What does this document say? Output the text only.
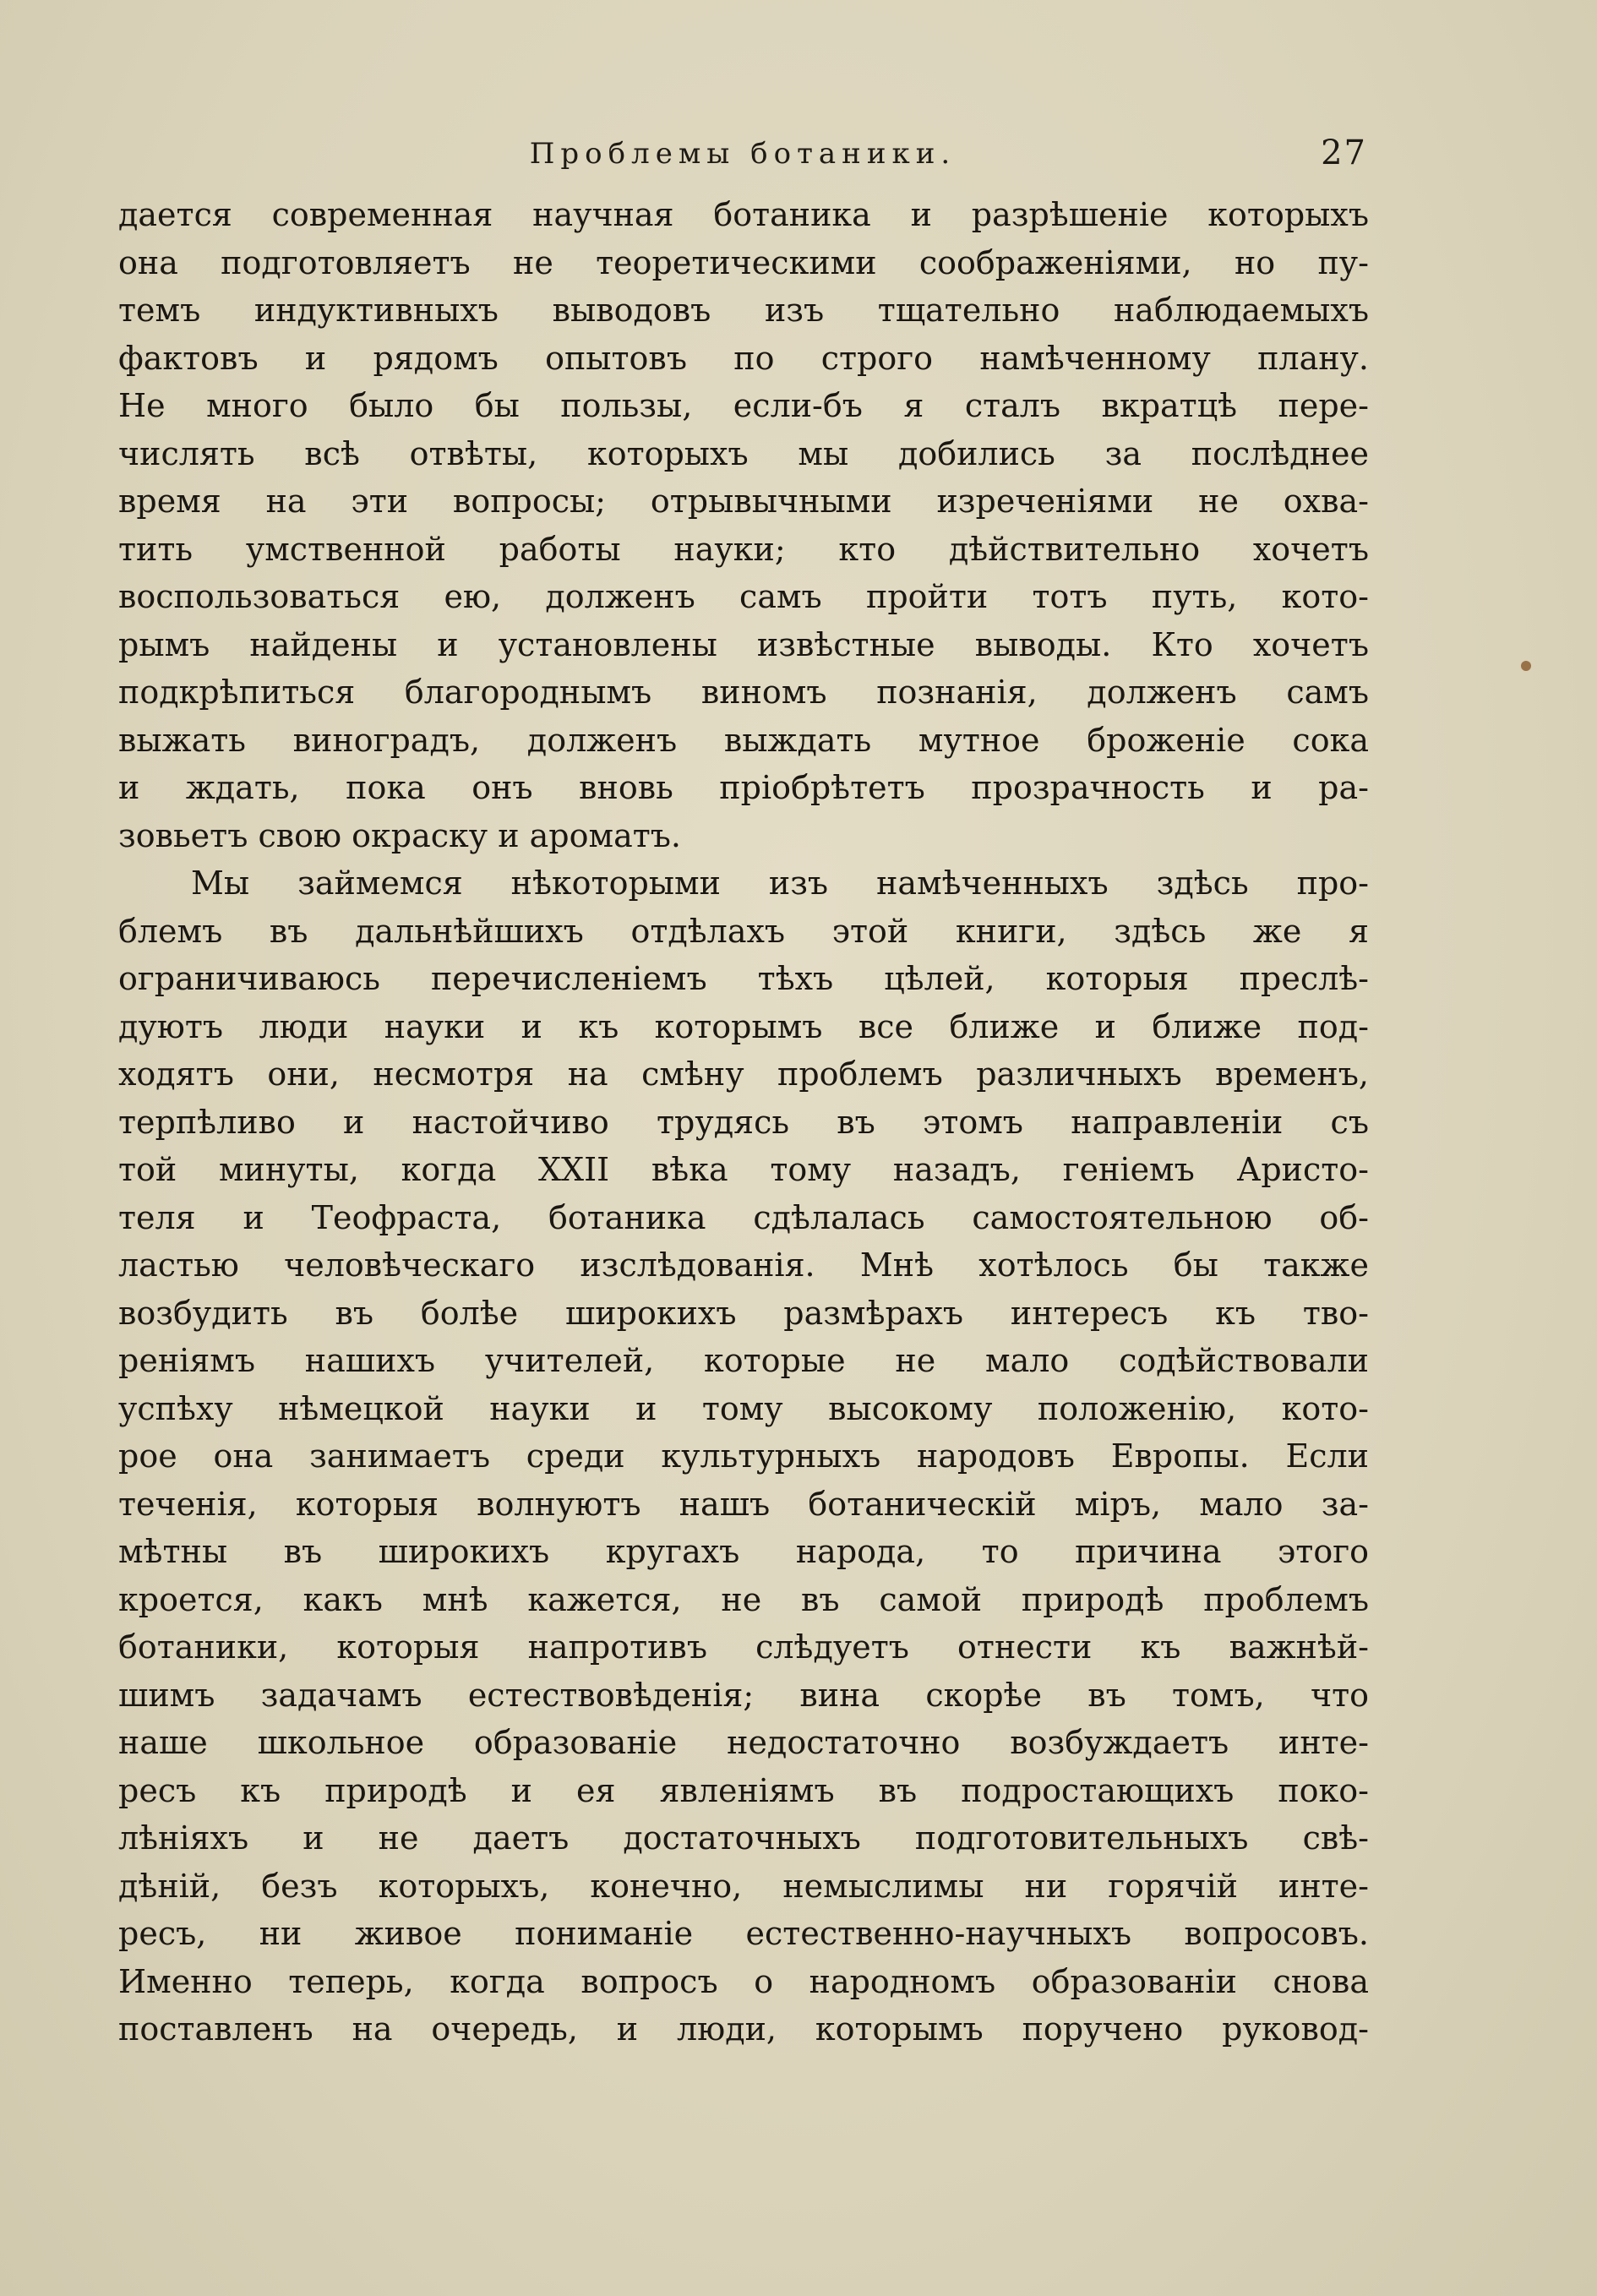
Проблемы ботаники.	27
дается современная научная ботаника и разрѣшеніе которыхъ
она подготовляетъ не теоретическими соображеніями, но пу-
темъ индуктивныхъ выводовъ изъ тщательно наблюдаемыхъ
фактовъ и рядомъ опытовъ по строго намѣченному плану.
Не много было бы пользы, если-бъ я сталъ вкратцѣ пере-
числять всѣ отвѣты, которыхъ мы добились за послѣднее
время на эти вопросы; отрывычными изреченіями не охва-
тить умственной работы науки; кто дѣйствительно хочетъ
воспользоваться ею, долженъ самъ пройти тотъ путь, кото-
рымъ найдены и установлены извѣстные выводы. Кто хочетъ
подкрѣпиться благороднымъ виномъ познанія, долженъ самъ
выжать виноградъ, долженъ выждать мутное броженіе сока
и ждать, пока онъ вновь пріобрѣтетъ прозрачность и ра-
зовьетъ свою окраску и ароматъ.
Мы займемся нѣкоторыми изъ намѣченныхъ здѣсь про-
блемъ въ дальнѣйшихъ отдѣлахъ этой книги, здѣсь же я
ограничиваюсь перечисленіемъ тѣхъ цѣлей, которыя преслѣ-
дуютъ люди науки и къ которымъ все ближе и ближе под-
ходятъ они, несмотря на смѣну проблемъ различныхъ временъ,
терпѣливо и настойчиво трудясь въ этомъ направленіи съ
той минуты, когда XXII вѣка тому назадъ, геніемъ Аристо-
теля и Теофраста, ботаника сдѣлалась самостоятельною об-
ластью человѣческаго изслѣдованія. Мнѣ хотѣлось бы также
возбудить въ болѣе широкихъ размѣрахъ интересъ къ тво-
реніямъ нашихъ учителей, которые не мало содѣйствовали
успѣху нѣмецкой науки и тому высокому положенію, кото-
рое она занимаетъ среди культурныхъ народовъ Европы. Если
теченія, которыя волнуютъ нашъ ботаническій міръ, мало за-
мѣтны въ широкихъ кругахъ народа, то причина этого
кроется, какъ мнѣ кажется, не въ самой природѣ проблемъ
ботаники, которыя напротивъ слѣдуетъ отнести къ важнѣй-
шимъ задачамъ естествовѣденія; вина скорѣе въ томъ, что
наше школьное образованіе недостаточно возбуждаетъ инте-
ресъ къ природѣ и ея явленіямъ въ подростающихъ поко-
лѣніяхъ и не даетъ достаточныхъ подготовительныхъ свѣ-
дѣній, безъ которыхъ, конечно, немыслимы ни горячій инте-
ресъ, ни живое пониманіе естественно-научныхъ вопросовъ.
Именно теперь, когда вопросъ о народномъ образованіи снова
поставленъ на очередь, и люди, которымъ поручено руковод-
